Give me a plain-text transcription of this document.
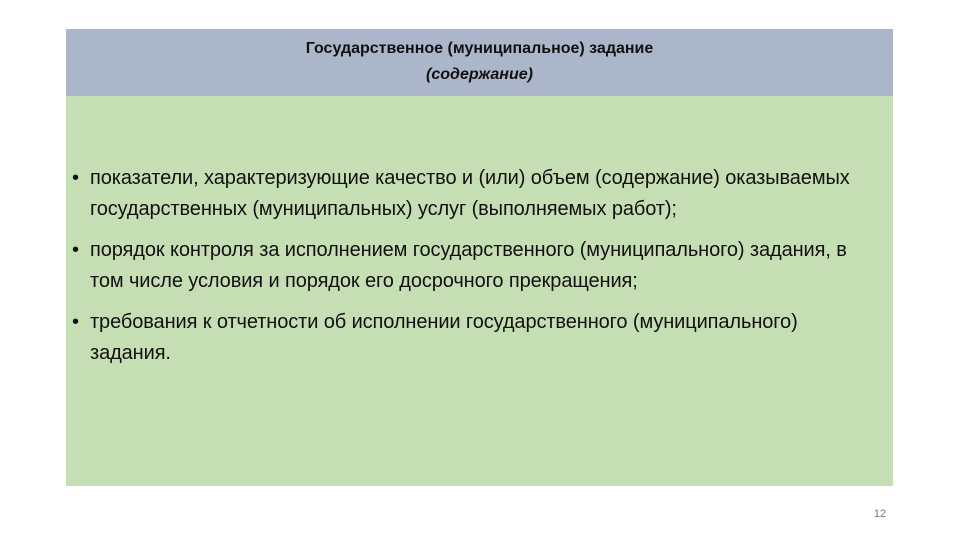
Государственное (муниципальное) задание
(содержание)
• показатели, характеризующие качество и (или) объем (содержание) оказываемых государственных (муниципальных) услуг (выполняемых работ);
• порядок контроля за исполнением государственного (муниципального) задания, в том числе условия и порядок его досрочного прекращения;
• требования к отчетности об исполнении государственного (муниципального) задания.
12
